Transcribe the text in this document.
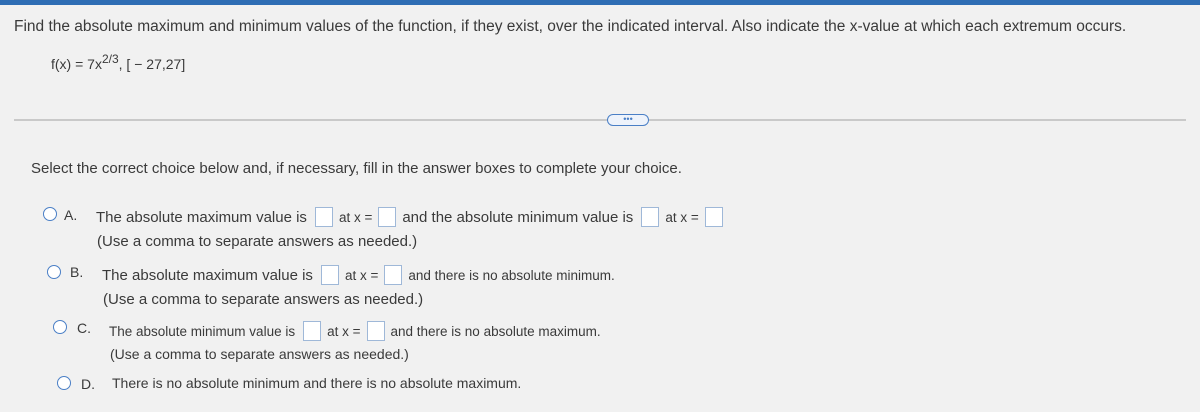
Find the absolute maximum and minimum values of the function, if they exist, over the indicated interval. Also indicate the x-value at which each extremum occurs.
$f(x) = 7x^{2/3}$, [ − 27,27]
•••
Select the correct choice below and, if necessary, fill in the answer boxes to complete your choice.
A. The absolute maximum value is at x = and the absolute minimum value is at x =
(Use a comma to separate answers as needed.)
B. The absolute maximum value is at x = and there is no absolute minimum.
(Use a comma to separate answers as needed.)
C. The absolute minimum value is at x = and there is no absolute maximum.
(Use a comma to separate answers as needed.)
D. There is no absolute minimum and there is no absolute maximum.
